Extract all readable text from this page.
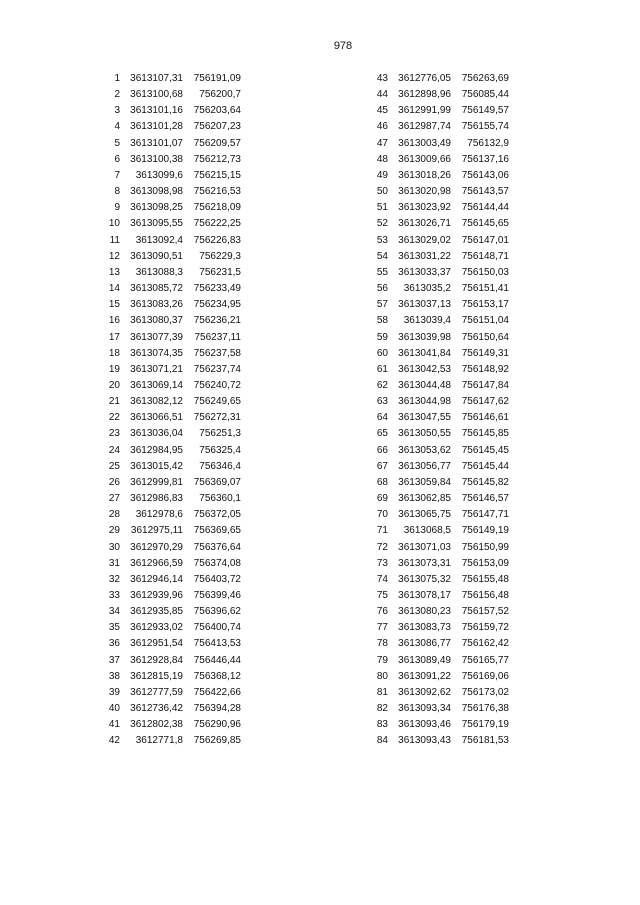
978
1	3613107,31	756191,09
2	3613100,68	756200,7
3	3613101,16	756203,64
4	3613101,28	756207,23
5	3613101,07	756209,57
6	3613100,38	756212,73
7	3613099,6	756215,15
8	3613098,98	756216,53
9	3613098,25	756218,09
10	3613095,55	756222,25
11	3613092,4	756226,83
12	3613090,51	756229,3
13	3613088,3	756231,5
14	3613085,72	756233,49
15	3613083,26	756234,95
16	3613080,37	756236,21
17	3613077,39	756237,11
18	3613074,35	756237,58
19	3613071,21	756237,74
20	3613069,14	756240,72
21	3613082,12	756249,65
22	3613066,51	756272,31
23	3613036,04	756251,3
24	3612984,95	756325,4
25	3613015,42	756346,4
26	3612999,81	756369,07
27	3612986,83	756360,1
28	3612978,6	756372,05
29	3612975,11	756369,65
30	3612970,29	756376,64
31	3612966,59	756374,08
32	3612946,14	756403,72
33	3612939,96	756399,46
34	3612935,85	756396,62
35	3612933,02	756400,74
36	3612951,54	756413,53
37	3612928,84	756446,44
38	3612815,19	756368,12
39	3612777,59	756422,66
40	3612736,42	756394,28
41	3612802,38	756290,96
42	3612771,8	756269,85
43	3612776,05	756263,69
44	3612898,96	756085,44
45	3612991,99	756149,57
46	3612987,74	756155,74
47	3613003,49	756132,9
48	3613009,66	756137,16
49	3613018,26	756143,06
50	3613020,98	756143,57
51	3613023,92	756144,44
52	3613026,71	756145,65
53	3613029,02	756147,01
54	3613031,22	756148,71
55	3613033,37	756150,03
56	3613035,2	756151,41
57	3613037,13	756153,17
58	3613039,4	756151,04
59	3613039,98	756150,64
60	3613041,84	756149,31
61	3613042,53	756148,92
62	3613044,48	756147,84
63	3613044,98	756147,62
64	3613047,55	756146,61
65	3613050,55	756145,85
66	3613053,62	756145,45
67	3613056,77	756145,44
68	3613059,84	756145,82
69	3613062,85	756146,57
70	3613065,75	756147,71
71	3613068,5	756149,19
72	3613071,03	756150,99
73	3613073,31	756153,09
74	3613075,32	756155,48
75	3613078,17	756156,48
76	3613080,23	756157,52
77	3613083,73	756159,72
78	3613086,77	756162,42
79	3613089,49	756165,77
80	3613091,22	756169,06
81	3613092,62	756173,02
82	3613093,34	756176,38
83	3613093,46	756179,19
84	3613093,43	756181,53
